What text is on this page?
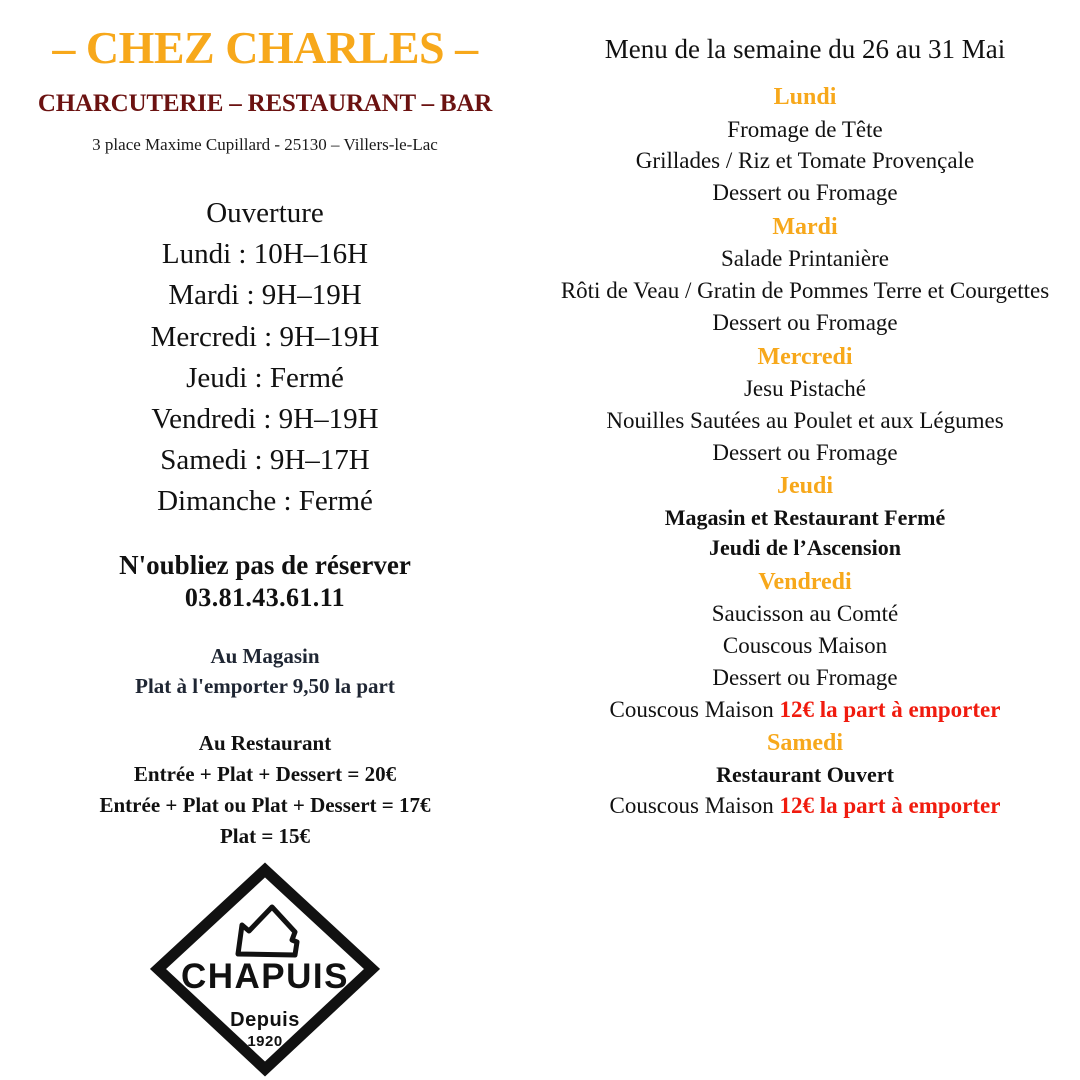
– CHEZ CHARLES –
CHARCUTERIE – RESTAURANT – BAR
3 place Maxime Cupillard - 25130 – Villers-le-Lac
Ouverture
Lundi : 10H–16H
Mardi : 9H–19H
Mercredi : 9H–19H
Jeudi : Fermé
Vendredi : 9H–19H
Samedi : 9H–17H
Dimanche : Fermé
N'oubliez pas de réserver
03.81.43.61.11
Au Magasin
Plat à l'emporter 9,50 la part
Au Restaurant
Entrée + Plat + Dessert = 20€
Entrée + Plat ou Plat + Dessert = 17€
Plat = 15€
CHAPUIS
Depuis
1920
Menu de la semaine du 26 au 31 Mai
Lundi
Fromage de Tête
Grillades / Riz et Tomate Provençale
Dessert ou Fromage
Mardi
Salade Printanière
Rôti de Veau / Gratin de Pommes Terre et Courgettes
Dessert ou Fromage
Mercredi
Jesu Pistaché
Nouilles Sautées au Poulet et aux Légumes
Dessert ou Fromage
Jeudi
Magasin et Restaurant Fermé
Jeudi de l’Ascension
Vendredi
Saucisson au Comté
Couscous Maison
Dessert ou Fromage
Couscous Maison 12€ la part à emporter
Samedi
Restaurant Ouvert
Couscous Maison 12€ la part à emporter
